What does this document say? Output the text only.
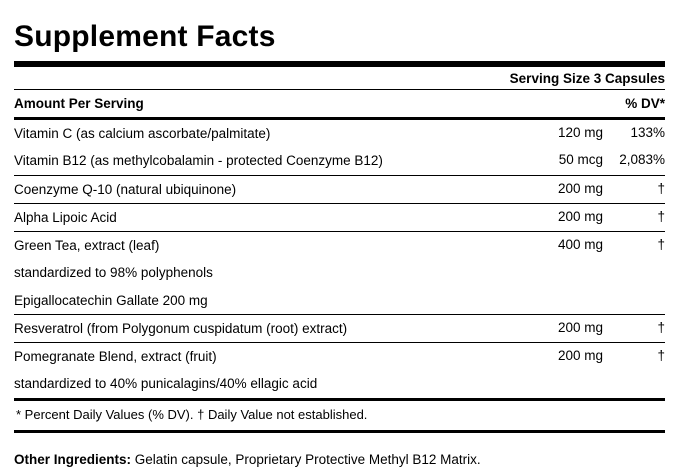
Supplement Facts
Serving Size 3 Capsules
Amount Per Serving	% DV*
Vitamin C (as calcium ascorbate/palmitate)	120 mg	133%
Vitamin B12 (as methylcobalamin - protected Coenzyme B12)	50 mcg	2,083%
Coenzyme Q-10 (natural ubiquinone)	200 mg	†
Alpha Lipoic Acid	200 mg	†
Green Tea, extract (leaf)	400 mg	†
standardized to 98% polyphenols		
Epigallocatechin Gallate 200 mg		
Resveratrol (from Polygonum cuspidatum (root) extract)	200 mg	†
Pomegranate Blend, extract (fruit)	200 mg	†
standardized to 40% punicalagins/40% ellagic acid		
* Percent Daily Values (% DV). † Daily Value not established.
Other Ingredients: Gelatin capsule, Proprietary Protective Methyl B12 Matrix.
